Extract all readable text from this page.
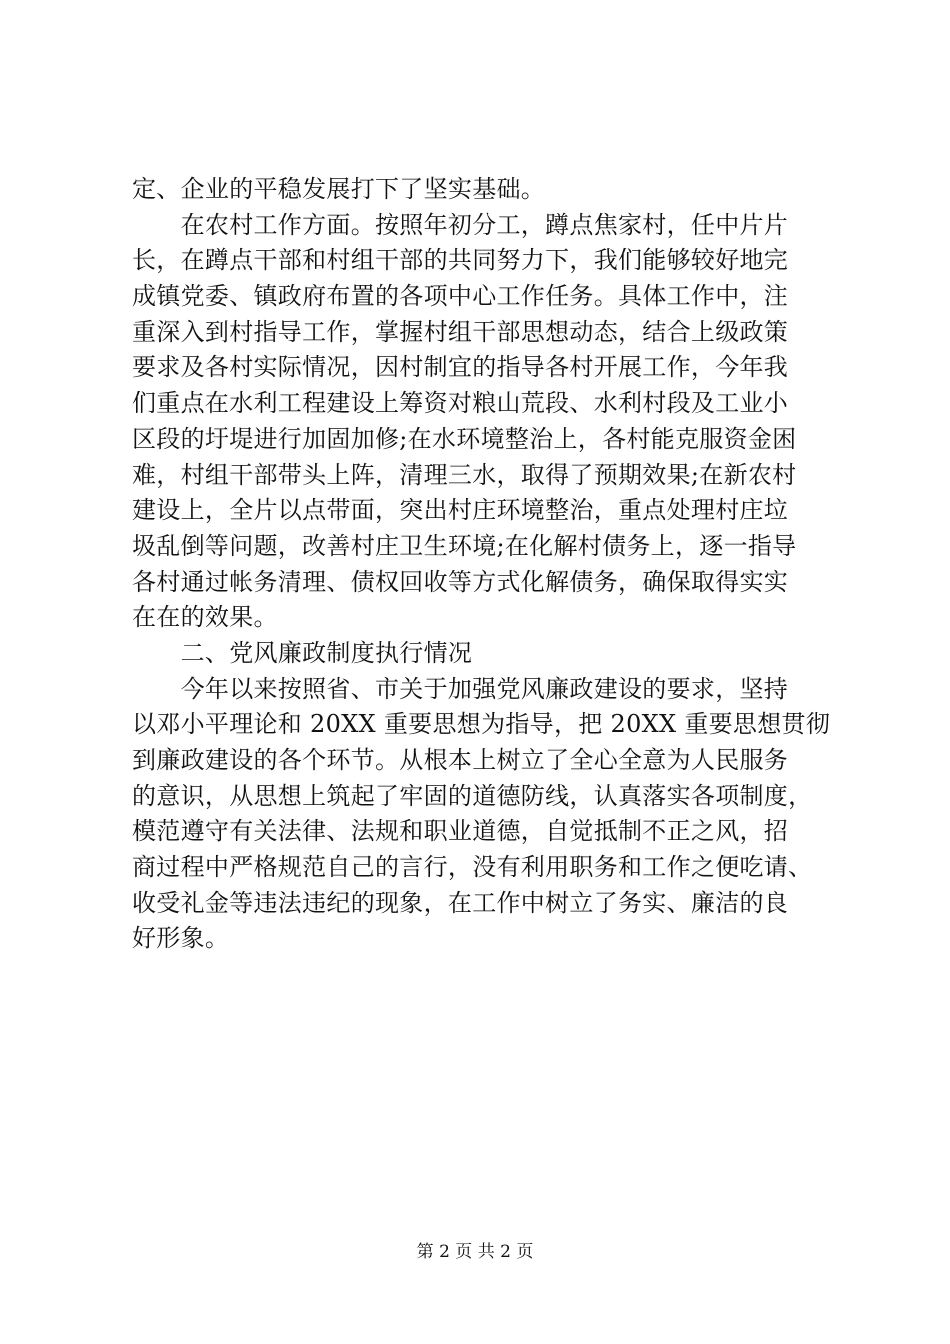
定、企业的平稳发展打下了坚实基础。
　　在农村工作方面。按照年初分工，蹲点焦家村，任中片片
长，在蹲点干部和村组干部的共同努力下，我们能够较好地完
成镇党委、镇政府布置的各项中心工作任务。具体工作中，注
重深入到村指导工作，掌握村组干部思想动态，结合上级政策
要求及各村实际情况，因村制宜的指导各村开展工作，今年我
们重点在水利工程建设上筹资对粮山荒段、水利村段及工业小
区段的圩堤进行加固加修;在水环境整治上，各村能克服资金困
难，村组干部带头上阵，清理三水，取得了预期效果;在新农村
建设上，全片以点带面，突出村庄环境整治，重点处理村庄垃
圾乱倒等问题，改善村庄卫生环境;在化解村债务上，逐一指导
各村通过帐务清理、债权回收等方式化解债务，确保取得实实
在在的效果。
　　二、党风廉政制度执行情况
　　今年以来按照省、市关于加强党风廉政建设的要求，坚持
以邓小平理论和 20XX 重要思想为指导，把 20XX 重要思想贯彻
到廉政建设的各个环节。从根本上树立了全心全意为人民服务
的意识，从思想上筑起了牢固的道德防线，认真落实各项制度，
模范遵守有关法律、法规和职业道德，自觉抵制不正之风，招
商过程中严格规范自己的言行，没有利用职务和工作之便吃请、
收受礼金等违法违纪的现象，在工作中树立了务实、廉洁的良
好形象。
第 2 页 共 2 页
